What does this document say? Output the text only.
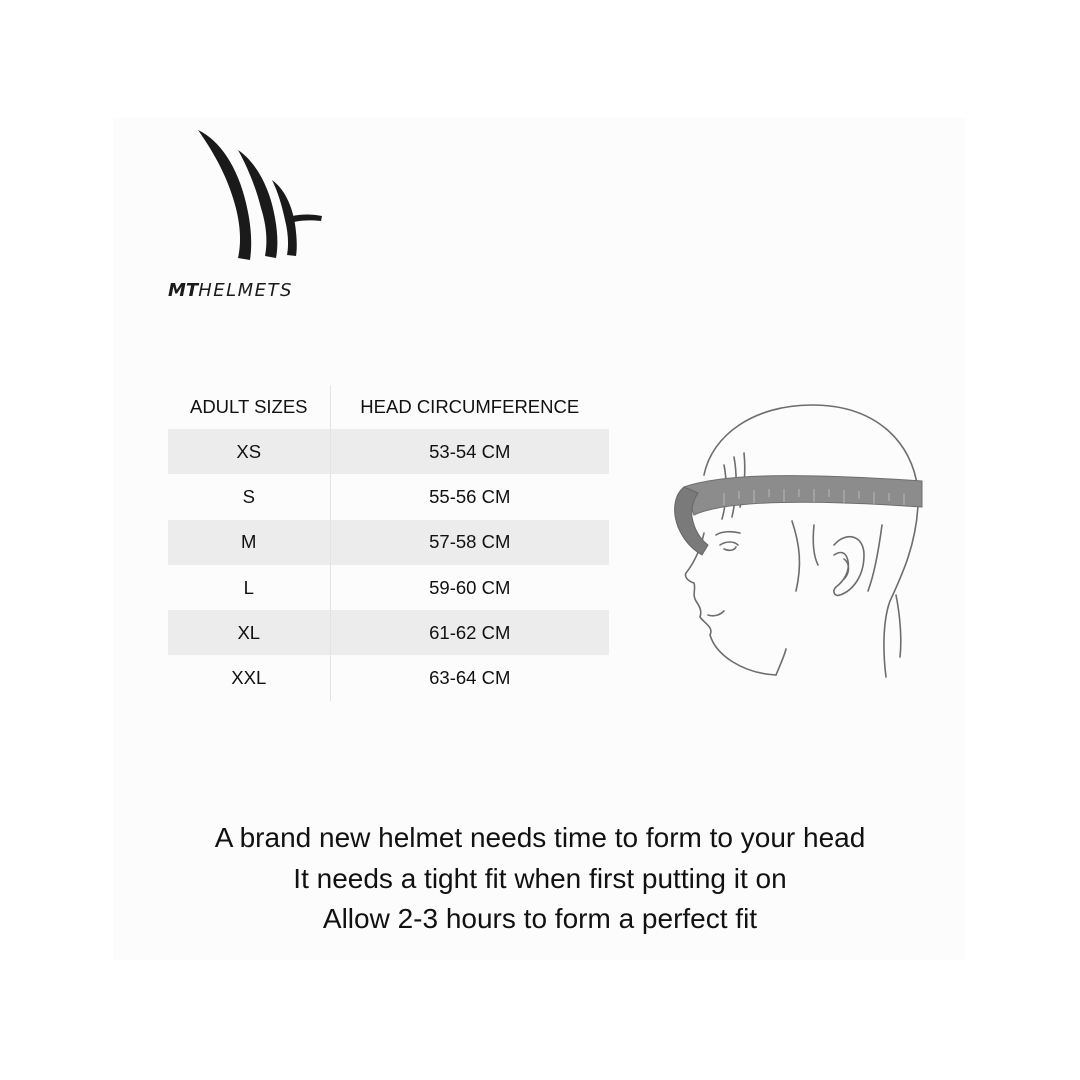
MTHELMETS
ADULT SIZES	HEAD CIRCUMFERENCE
XS	53-54 CM
S	55-56 CM
M	57-58 CM
L	59-60 CM
XL	61-62 CM
XXL	63-64 CM
A brand new helmet needs time to form to your head
It needs a tight fit when first putting it on
Allow 2-3 hours to form a perfect fit
